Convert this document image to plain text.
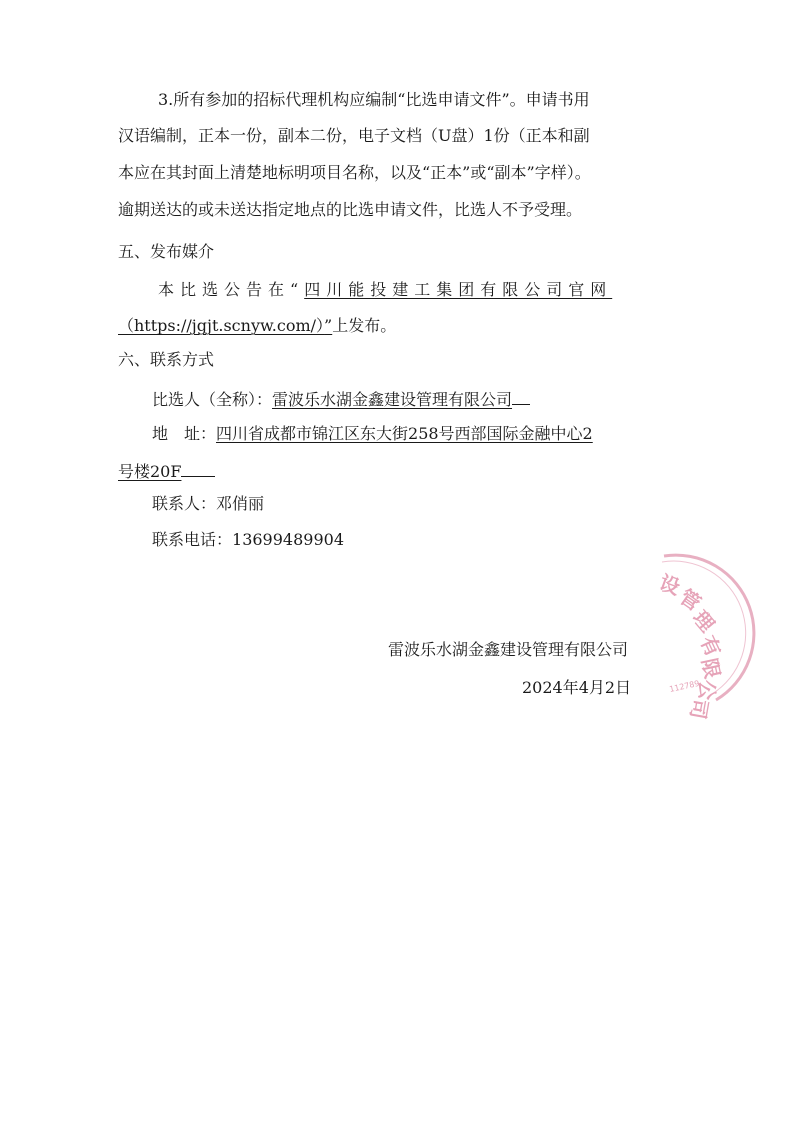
3.所有参加的招标代理机构应编制“比选申请文件”。申请书用
汉语编制，正本一份，副本二份，电子文档（U盘）1份（正本和副
本应在其封面上清楚地标明项目名称，以及“正本”或“副本”字样）。
逾期送达的或未送达指定地点的比选申请文件，比选人不予受理。
五、发布媒介
本比选公告在“四川能投建工集团有限公司官网
（https://jgjt.scnyw.com/）”上发布。
六、联系方式
比选人（全称）：雷波乐水湖金鑫建设管理有限公司
地　址：四川省成都市锦江区东大街258号西部国际金融中心2
号楼20F
联系人：邓俏丽
联系电话：13699489904
雷波乐水湖金鑫建设管理有限公司
2024年4月2日
设
管
理
有
限
公
司
112789
